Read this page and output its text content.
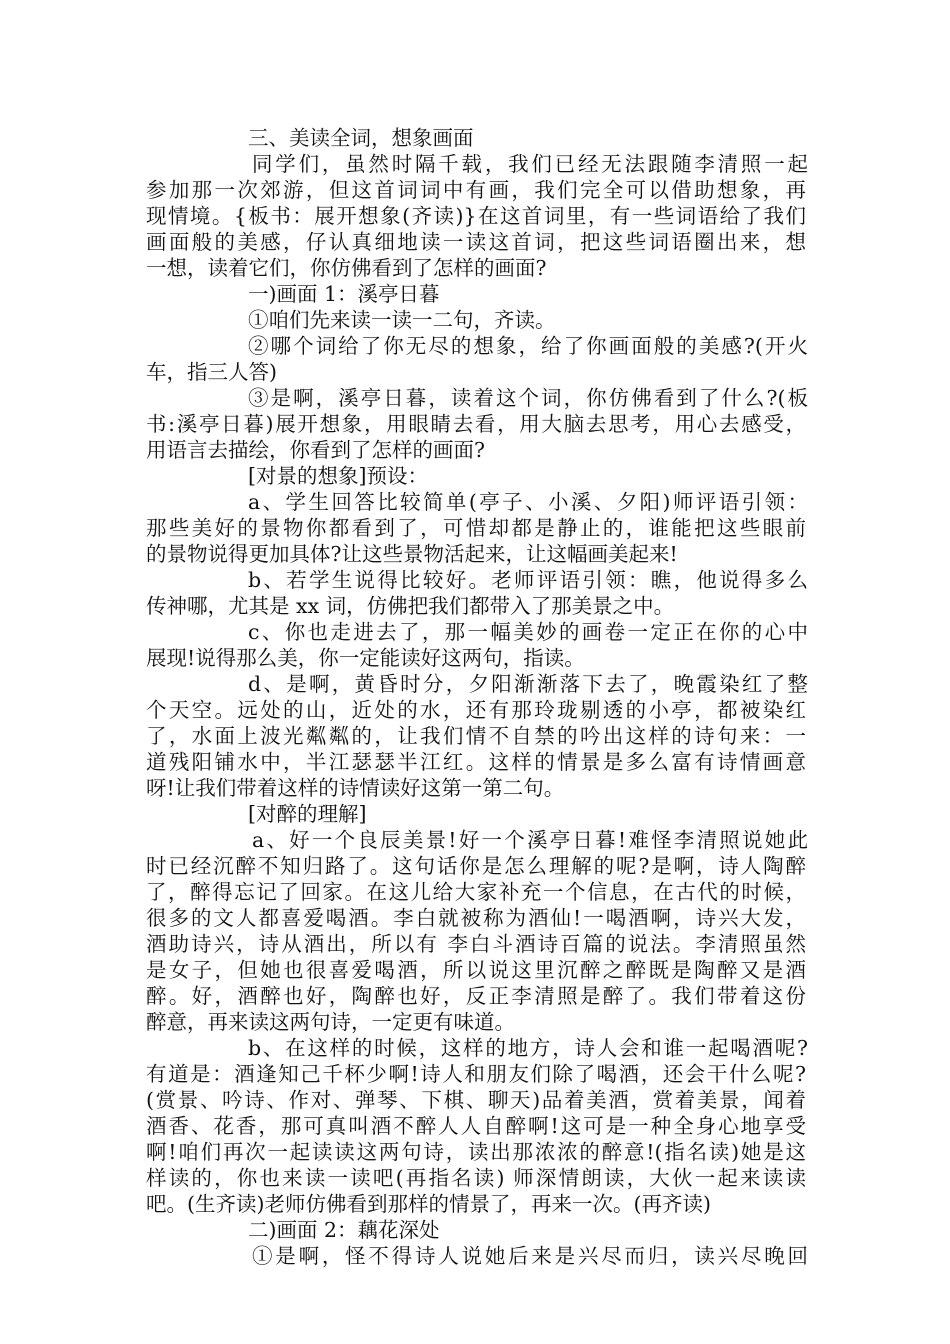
三、美读全词，想象画面
同学们，虽然时隔千载，我们已经无法跟随李清照一起
参加那一次郊游，但这首词词中有画，我们完全可以借助想象，再
现情境。{板书：展开想象(齐读)}在这首词里，有一些词语给了我们
画面般的美感，仔认真细地读一读这首词，把这些词语圈出来，想
一想，读着它们，你仿佛看到了怎样的画面?
一)画面 1：溪亭日暮
①咱们先来读一读一二句，齐读。
②哪个词给了你无尽的想象，给了你画面般的美感?(开火
车，指三人答)
③是啊，溪亭日暮，读着这个词，你仿佛看到了什么?(板
书:溪亭日暮)展开想象，用眼睛去看，用大脑去思考，用心去感受，
用语言去描绘，你看到了怎样的画面?
[对景的想象]预设：
a、学生回答比较简单(亭子、小溪、夕阳)师评语引领：
那些美好的景物你都看到了，可惜却都是静止的，谁能把这些眼前
的景物说得更加具体?让这些景物活起来，让这幅画美起来!
b、若学生说得比较好。老师评语引领：瞧，他说得多么
传神哪，尤其是 xx 词，仿佛把我们都带入了那美景之中。
c、你也走进去了，那一幅美妙的画卷一定正在你的心中
展现!说得那么美，你一定能读好这两句，指读。
d、是啊，黄昏时分，夕阳渐渐落下去了，晚霞染红了整
个天空。远处的山，近处的水，还有那玲珑剔透的小亭，都被染红
了，水面上波光粼粼的，让我们情不自禁的吟出这样的诗句来：一
道残阳铺水中，半江瑟瑟半江红。这样的情景是多么富有诗情画意
呀!让我们带着这样的诗情读好这第一第二句。
[对醉的理解]
a、好一个良辰美景!好一个溪亭日暮!难怪李清照说她此
时已经沉醉不知归路了。这句话你是怎么理解的呢?是啊，诗人陶醉
了，醉得忘记了回家。在这儿给大家补充一个信息，在古代的时候，
很多的文人都喜爱喝酒。李白就被称为酒仙!一喝酒啊，诗兴大发，
酒助诗兴，诗从酒出，所以有 李白斗酒诗百篇的说法。李清照虽然
是女子，但她也很喜爱喝酒，所以说这里沉醉之醉既是陶醉又是酒
醉。好，酒醉也好，陶醉也好，反正李清照是醉了。我们带着这份
醉意，再来读这两句诗，一定更有味道。
b、在这样的时候，这样的地方，诗人会和谁一起喝酒呢?
有道是：酒逢知己千杯少啊!诗人和朋友们除了喝酒，还会干什么呢?
(赏景、吟诗、作对、弹琴、下棋、聊天)品着美酒，赏着美景，闻着
酒香、花香，那可真叫酒不醉人人自醉啊!这可是一种全身心地享受
啊!咱们再次一起读读这两句诗，读出那浓浓的醉意!(指名读)她是这
样读的，你也来读一读吧(再指名读) 师深情朗读，大伙一起来读读
吧。(生齐读)老师仿佛看到那样的情景了，再来一次。(再齐读)
二)画面 2：藕花深处
①是啊，怪不得诗人说她后来是兴尽而归，读兴尽晚回
